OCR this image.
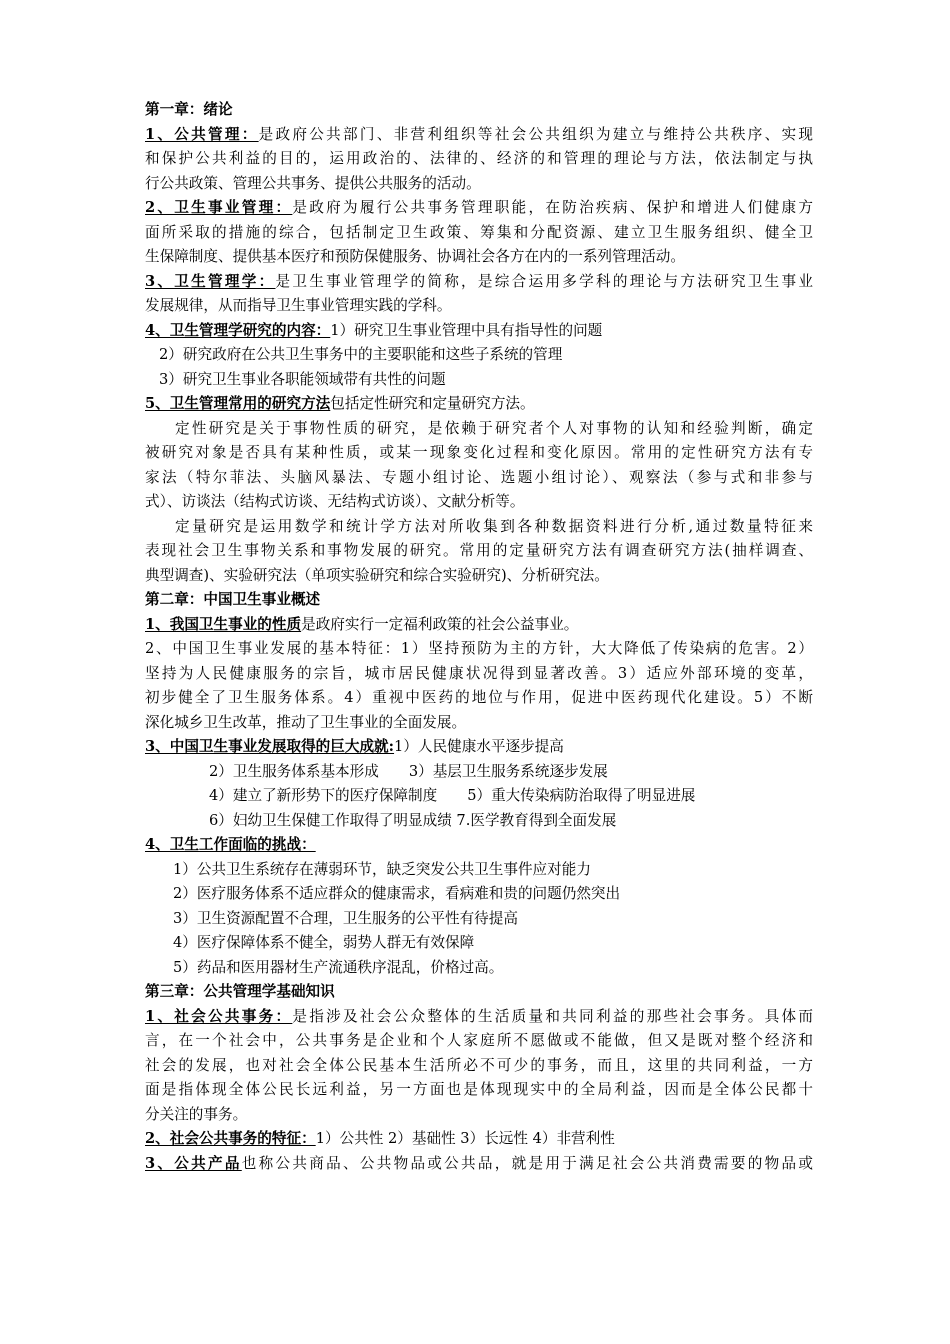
第一章：绪论
1、公共管理：是政府公共部门、非营利组织等社会公共组织为建立与维持公共秩序、实现
和保护公共利益的目的，运用政治的、法律的、经济的和管理的理论与方法，依法制定与执
行公共政策、管理公共事务、提供公共服务的活动。
2、卫生事业管理：是政府为履行公共事务管理职能，在防治疾病、保护和增进人们健康方
面所采取的措施的综合，包括制定卫生政策、筹集和分配资源、建立卫生服务组织、健全卫
生保障制度、提供基本医疗和预防保健服务、协调社会各方在内的一系列管理活动。
3、卫生管理学：是卫生事业管理学的简称，是综合运用多学科的理论与方法研究卫生事业
发展规律，从而指导卫生事业管理实践的学科。
4、卫生管理学研究的内容：1）研究卫生事业管理中具有指导性的问题
2）研究政府在公共卫生事务中的主要职能和这些子系统的管理
3）研究卫生事业各职能领域带有共性的问题
5、卫生管理常用的研究方法包括定性研究和定量研究方法。
定性研究是关于事物性质的研究，是依赖于研究者个人对事物的认知和经验判断，确定
被研究对象是否具有某种性质，或某一现象变化过程和变化原因。常用的定性研究方法有专
家法（特尔菲法、头脑风暴法、专题小组讨论、选题小组讨论）、观察法（参与式和非参与
式）、访谈法（结构式访谈、无结构式访谈）、文献分析等。
定量研究是运用数学和统计学方法对所收集到各种数据资料进行分析,通过数量特征来
表现社会卫生事物关系和事物发展的研究。常用的定量研究方法有调查研究方法(抽样调查、
典型调查)、实验研究法（单项实验研究和综合实验研究)、分析研究法。
第二章：中国卫生事业概述
1、我国卫生事业的性质是政府实行一定福利政策的社会公益事业。
2、中国卫生事业发展的基本特征：1）坚持预防为主的方针，大大降低了传染病的危害。2）
坚持为人民健康服务的宗旨，城市居民健康状况得到显著改善。3）适应外部环境的变革，
初步健全了卫生服务体系。4）重视中医药的地位与作用，促进中医药现代化建设。5）不断
深化城乡卫生改革，推动了卫生事业的全面发展。
3、中国卫生事业发展取得的巨大成就:1）人民健康水平逐步提高
2）卫生服务体系基本形成 3）基层卫生服务系统逐步发展
4）建立了新形势下的医疗保障制度 5）重大传染病防治取得了明显进展
6）妇幼卫生保健工作取得了明显成绩 7.医学教育得到全面发展
4、卫生工作面临的挑战：
1）公共卫生系统存在薄弱环节，缺乏突发公共卫生事件应对能力
2）医疗服务体系不适应群众的健康需求，看病难和贵的问题仍然突出
3）卫生资源配置不合理，卫生服务的公平性有待提高
4）医疗保障体系不健全，弱势人群无有效保障
5）药品和医用器材生产流通秩序混乱，价格过高。
第三章：公共管理学基础知识
1、社会公共事务：是指涉及社会公众整体的生活质量和共同利益的那些社会事务。具体而
言，在一个社会中，公共事务是企业和个人家庭所不愿做或不能做，但又是既对整个经济和
社会的发展，也对社会全体公民基本生活所必不可少的事务，而且，这里的共同利益，一方
面是指体现全体公民长远利益，另一方面也是体现现实中的全局利益，因而是全体公民都十
分关注的事务。
2、社会公共事务的特征：1）公共性 2）基础性 3）长远性 4）非营利性
3、公共产品也称公共商品、公共物品或公共品，就是用于满足社会公共消费需要的物品或
